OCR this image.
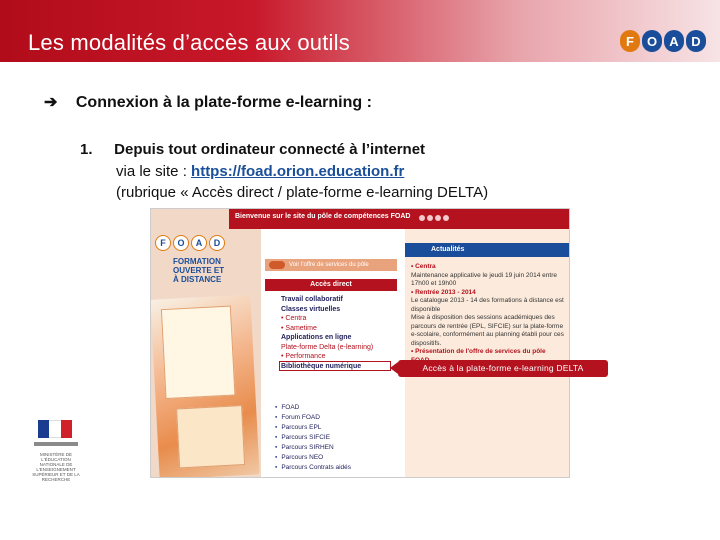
Les modalités d’accès aux outils	F O A D
➔ Connexion à la plate-forme e-learning :
1. Depuis tout ordinateur connecté à l’internet
via le site : https://foad.orion.education.fr
(rubrique « Accès direct / plate-forme e-learning DELTA)
F	O	A	D
FORMATION
OUVERTE ET
À DISTANCE
Bienvenue sur le site du pôle de compétences FOAD
Voir l'offre de services du pôle
Accès direct
Travail collaboratif
Classes virtuelles
• Centra
• Sametime
Applications en ligne
Plate-forme Delta (e-learning)
• Performance
Bibliothèque numérique
▪ FOAD
▪ Forum FOAD
▪ Parcours EPL
▪ Parcours SIFCIE
▪ Parcours SIRHEN
▪ Parcours NEO
▪ Parcours Contrats aidés
Actualités
• Centra
Maintenance applicative le jeudi 19 juin 2014 entre 17h00 et 19h00
• Rentrée 2013 - 2014
Le catalogue 2013 - 14 des formations à distance est disponible
Mise à disposition des sessions académiques des parcours de rentrée (EPL, SIFCIE) sur la plate-forme e-scolaire, conformément au planning établi pour ces dispositifs.
• Présentation de l'offre de services du pôle
Accès à la plate-forme e-learning DELTA
MINISTÈRE DE L'ÉDUCATION NATIONALE DE L'ENSEIGNEMENT SUPÉRIEUR ET DE LA RECHERCHE
